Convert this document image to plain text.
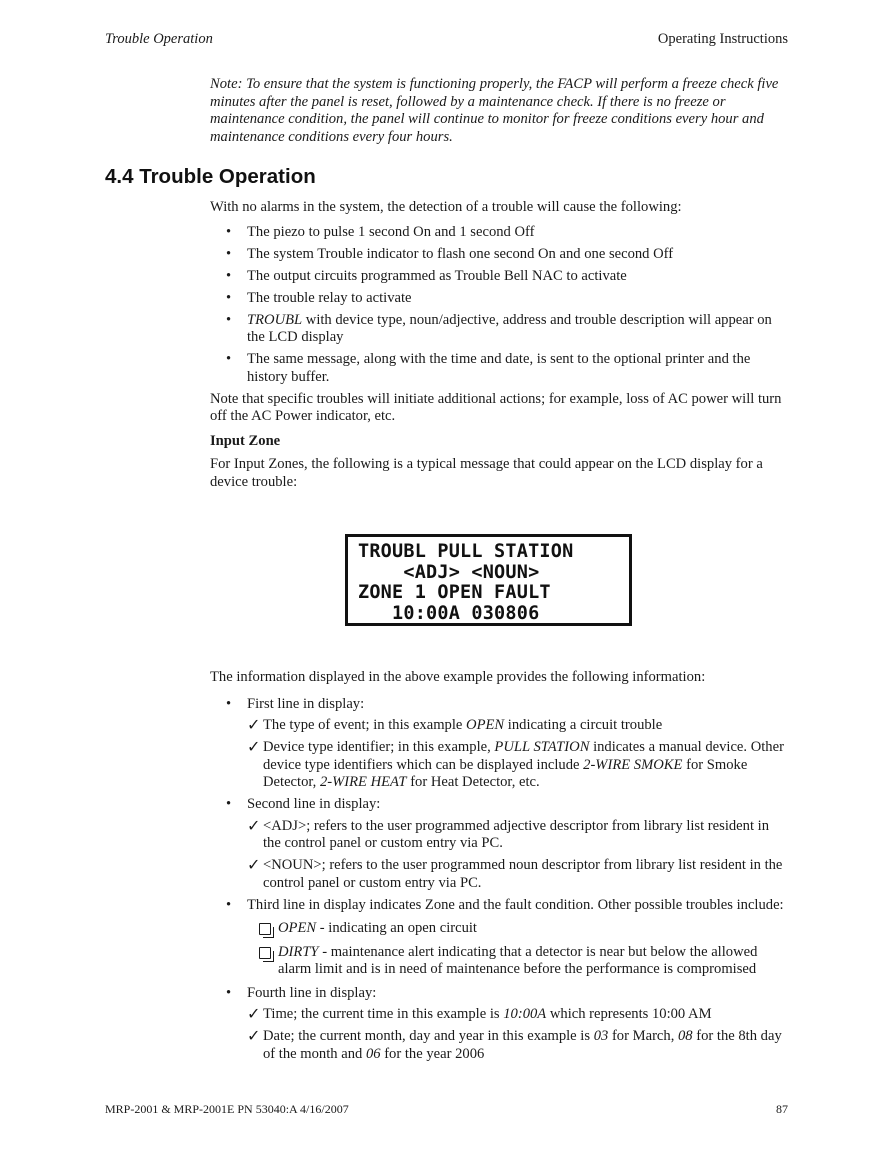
Trouble Operation	Operating Instructions
Note: To ensure that the system is functioning properly, the FACP will perform a freeze check five minutes after the panel is reset, followed by a maintenance check. If there is no freeze or maintenance condition, the panel will continue to monitor for freeze conditions every hour and maintenance conditions every four hours.
4.4 Trouble Operation

With no alarms in the system, the detection of a trouble will cause the following:

• The piezo to pulse 1 second On and 1 second Off
• The system Trouble indicator to flash one second On and one second Off
• The output circuits programmed as Trouble Bell NAC to activate
• The trouble relay to activate
• TROUBL with device type, noun/adjective, address and trouble description will appear on the LCD display
• The same message, along with the time and date, is sent to the optional printer and the history buffer.

Note that specific troubles will initiate additional actions; for example, loss of AC power will turn off the AC Power indicator, etc.

Input Zone

For Input Zones, the following is a typical message that could appear on the LCD display for a device trouble:

TROUBL PULL STATION
<ADJ> <NOUN>
ZONE 1 OPEN FAULT
10:00A 030806

The information displayed in the above example provides the following information:

• First line in display:
✓ The type of event; in this example OPEN indicating a circuit trouble
✓ Device type identifier; in this example, PULL STATION indicates a manual device. Other device type identifiers which can be displayed include 2-WIRE SMOKE for Smoke Detector, 2-WIRE HEAT for Heat Detector, etc.
• Second line in display:
✓ <ADJ>; refers to the user programmed adjective descriptor from library list resident in the control panel or custom entry via PC.
✓ <NOUN>; refers to the user programmed noun descriptor from library list resident in the control panel or custom entry via PC.
• Third line in display indicates Zone and the fault condition. Other possible troubles include:
OPEN - indicating an open circuit
DIRTY - maintenance alert indicating that a detector is near but below the allowed alarm limit and is in need of maintenance before the performance is compromised
• Fourth line in display:
✓ Time; the current time in this example is 10:00A which represents 10:00 AM
✓ Date; the current month, day and year in this example is 03 for March, 08 for the 8th day of the month and 06 for the year 2006
MRP-2001 & MRP-2001E PN 53040:A 4/16/2007	87
